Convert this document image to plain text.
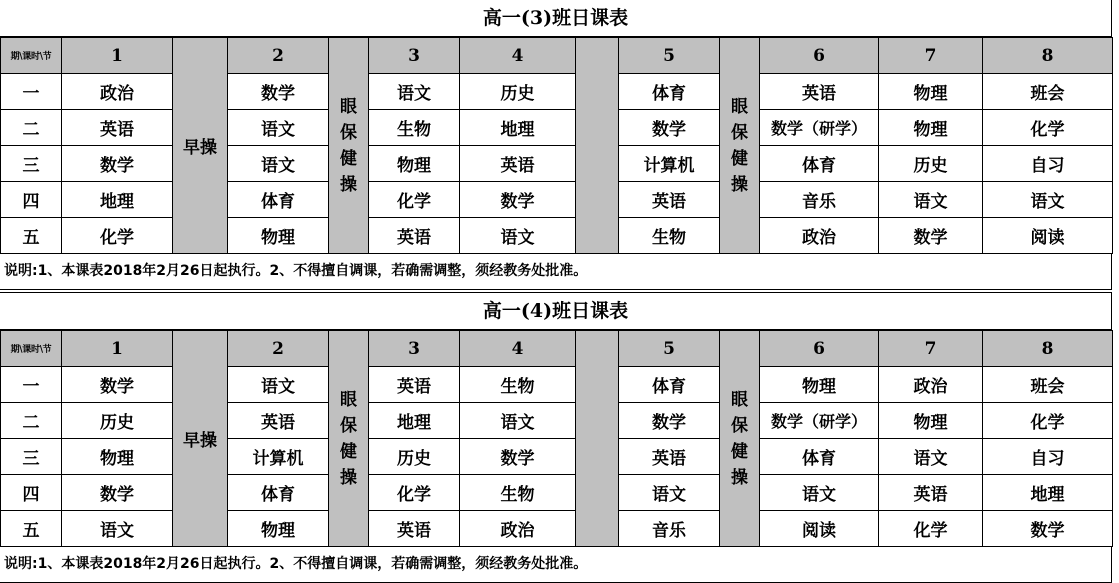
高一(3)班日课表
期\课时\节	1	早操	2	眼
保
健
操	3	4		5	眼
保
健
操	6	7	8
一	政治		数学		语文	历史		体育		英语	物理	班会
二	英语		语文		生物	地理		数学		数学（研学）	物理	化学
三	数学		语文		物理	英语		计算机		体育	历史	自习
四	地理		体育		化学	数学		英语		音乐	语文	语文
五	化学		物理		英语	语文		生物		政治	数学	阅读
说明:1、本课表2018年2月26日起执行。2、不得擅自调课，若确需调整，须经教务处批准。
高一(4)班日课表
期\课时\节	1	早操	2	眼
保
健
操	3	4		5	眼
保
健
操	6	7	8
一	数学		语文		英语	生物		体育		物理	政治	班会
二	历史		英语		地理	语文		数学		数学（研学）	物理	化学
三	物理		计算机		历史	数学		英语		体育	语文	自习
四	数学		体育		化学	生物		语文		语文	英语	地理
五	语文		物理		英语	政治		音乐		阅读	化学	数学
说明:1、本课表2018年2月26日起执行。2、不得擅自调课，若确需调整，须经教务处批准。
